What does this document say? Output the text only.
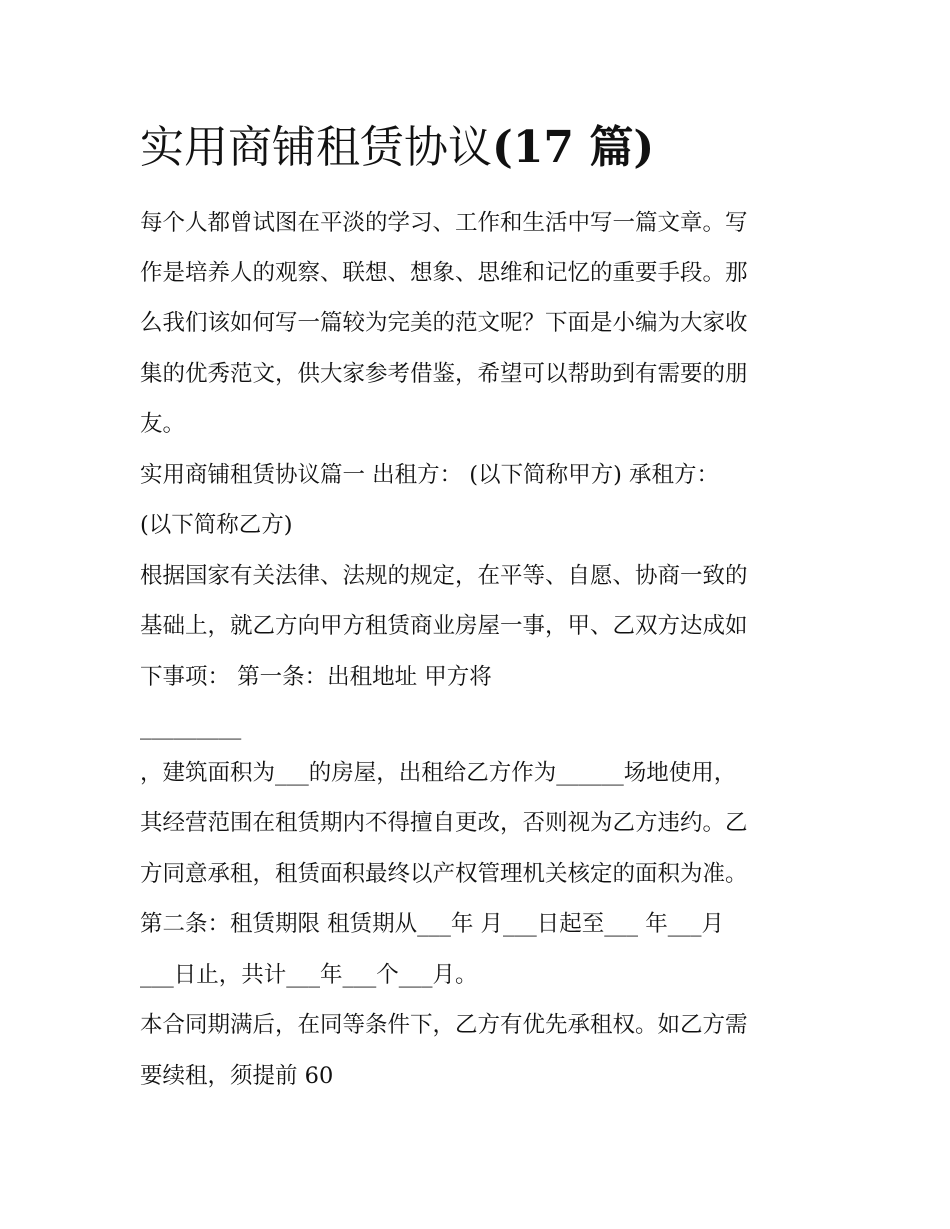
实用商铺租赁协议(17 篇)
每个人都曾试图在平淡的学习、工作和生活中写一篇文章。写
作是培养人的观察、联想、想象、思维和记忆的重要手段。那
么我们该如何写一篇较为完美的范文呢？下面是小编为大家收
集的优秀范文，供大家参考借鉴，希望可以帮助到有需要的朋
友。
实用商铺租赁协议篇一 出租方： (以下简称甲方) 承租方：
(以下简称乙方)
根据国家有关法律、法规的规定，在平等、自愿、协商一致的
基础上，就乙方向甲方租赁商业房屋一事，甲、乙双方达成如
下事项： 第一条：出租地址 甲方将
_________
，建筑面积为___的房屋，出租给乙方作为______场地使用，
其经营范围在租赁期内不得擅自更改，否则视为乙方违约。乙
方同意承租，租赁面积最终以产权管理机关核定的面积为准。
第二条：租赁期限 租赁期从___年 月___日起至___ 年___月
___日止，共计___年___个___月。
本合同期满后，在同等条件下，乙方有优先承租权。如乙方需
要续租，须提前 60
